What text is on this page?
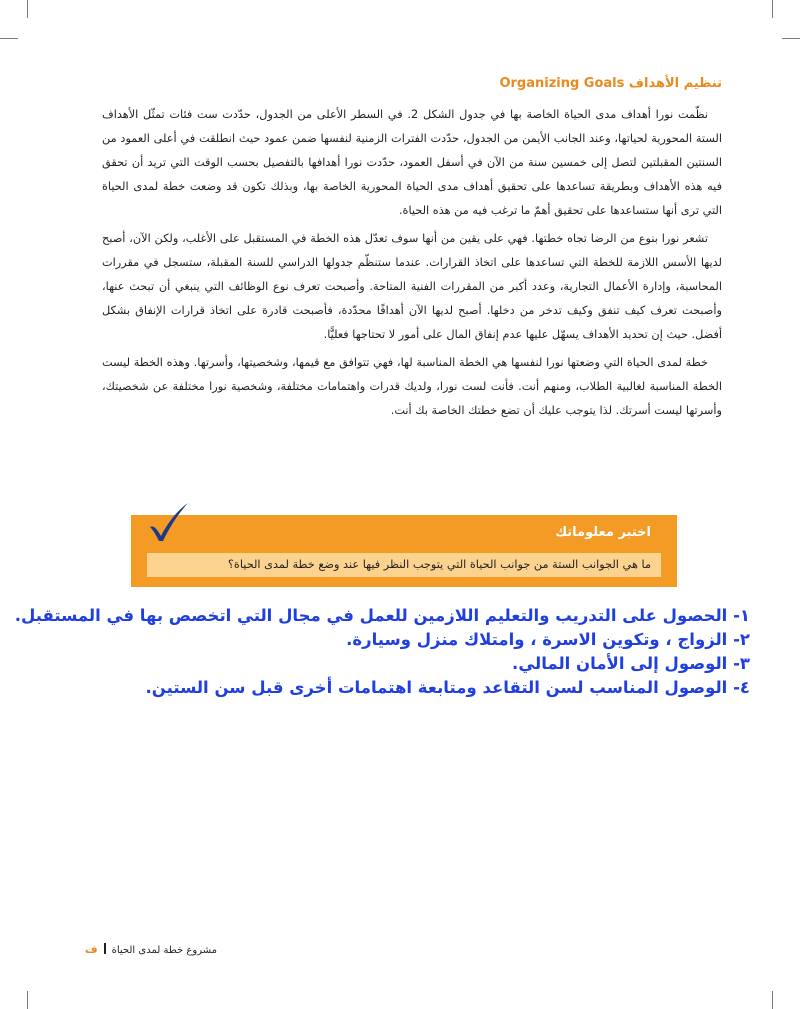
تنظيم الأهداف Organizing Goals

نظّمت نورا أهداف مدى الحياة الخاصة بها في جدول الشكل 2. في السطر الأعلى من الجدول، حدّدت ست فئات تمثّل الأهداف الستة المحورية لحياتها، وعند الجانب الأيمن من الجدول، حدّدت الفترات الزمنية لنفسها ضمن عمود حيث انطلقت في أعلى العمود من السنتين المقبلتين لتصل إلى خمسين سنة من الآن في أسفل العمود، حدّدت نورا أهدافها بالتفصيل بحسب الوقت التي تريد أن تحقق فيه هذه الأهداف وبطريقة تساعدها على تحقيق أهداف مدى الحياة المحورية الخاصة بها، وبذلك تكون قد وضعت خطة لمدى الحياة التي ترى أنها ستساعدها على تحقيق أهمّ ما ترغب فيه من هذه الحياة.

تشعر نورا بنوع من الرضا تجاه خطتها. فهي على يقين من أنها سوف تعدّل هذه الخطة في المستقبل على الأغلب، ولكن الآن، أصبح لديها الأسس اللازمة للخطة التي تساعدها على اتخاذ القرارات. عندما ستنظّم جدولها الدراسي للسنة المقبلة، ستسجل في مقررات المحاسبة، وإدارة الأعمال التجارية، وعدد أكبر من المقررات الفنية المتاحة. وأصبحت تعرف نوع الوظائف التي ينبغي أن تبحث عنها، وأصبحت تعرف كيف تنفق وكيف تدخر من دخلها. أصبح لديها الآن أهدافًا محدّدة، فأصبحت قادرة على اتخاذ قرارات الإنفاق بشكل أفضل. حيث إن تحديد الأهداف يسهّل عليها عدم إنفاق المال على أمور لا تحتاجها فعليًّا.

خطة لمدى الحياة التي وضعتها نورا لنفسها هي الخطة المناسبة لها، فهي تتوافق مع قيمها، وشخصيتها، وأسرتها. وهذه الخطة ليست الخطة المناسبة لغالبية الطلاب، ومنهم أنت. فأنت لست نورا، ولديك قدرات واهتمامات مختلفة، وشخصية نورا مختلفة عن شخصيتك، وأسرتها ليست أسرتك. لذا يتوجب عليك أن تضع خطتك الخاصة بك أنت.

اختبر معلوماتك
ما هي الجوانب الستة من جوانب الحياة التي يتوجب النظر فيها عند وضع خطة لمدى الحياة؟
١- الحصول على التدريب والتعليم اللازمين للعمل في مجال التي اتخصص بها في المستقبل.
٢- الزواج ، وتكوين الاسرة ، وامتلاك منزل وسيارة.
٣- الوصول إلى الأمان المالي.
٤- الوصول المناسب لسن التقاعد ومتابعة اهتمامات أخرى قبل سن الستين.
مشروع خطة لمدى الحياةف
